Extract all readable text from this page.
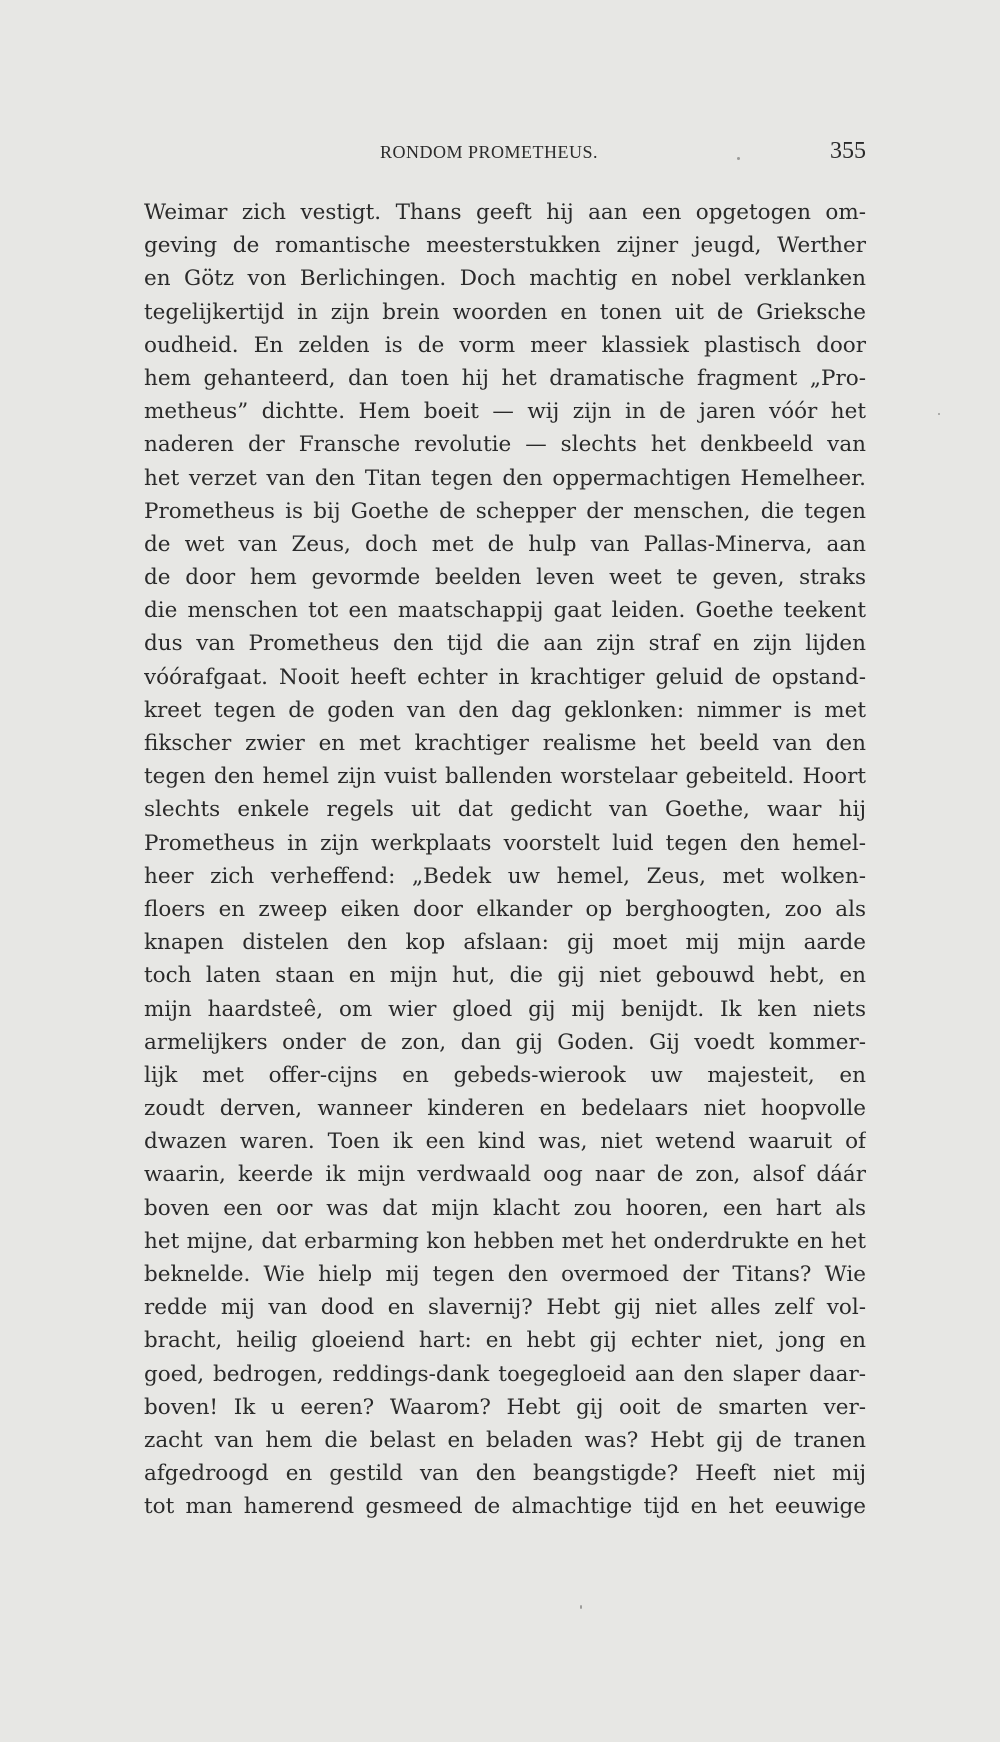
RONDOM PROMETHEUS.	355
Weimar zich vestigt. Thans geeft hij aan een opgetogen om-
geving de romantische meesterstukken zijner jeugd, Werther
en Götz von Berlichingen. Doch machtig en nobel verklanken
tegelijkertijd in zijn brein woorden en tonen uit de Grieksche
oudheid. En zelden is de vorm meer klassiek plastisch door
hem gehanteerd, dan toen hij het dramatische fragment „Pro-
metheus” dichtte. Hem boeit — wij zijn in de jaren vóór het
naderen der Fransche revolutie — slechts het denkbeeld van
het verzet van den Titan tegen den oppermachtigen Hemelheer.
Prometheus is bij Goethe de schepper der menschen, die tegen
de wet van Zeus, doch met de hulp van Pallas-Minerva, aan
de door hem gevormde beelden leven weet te geven, straks
die menschen tot een maatschappij gaat leiden. Goethe teekent
dus van Prometheus den tijd die aan zijn straf en zijn lijden
vóórafgaat. Nooit heeft echter in krachtiger geluid de opstand-
kreet tegen de goden van den dag geklonken: nimmer is met
fikscher zwier en met krachtiger realisme het beeld van den
tegen den hemel zijn vuist ballenden worstelaar gebeiteld. Hoort
slechts enkele regels uit dat gedicht van Goethe, waar hij
Prometheus in zijn werkplaats voorstelt luid tegen den hemel-
heer zich verheffend: „Bedek uw hemel, Zeus, met wolken-
floers en zweep eiken door elkander op berghoogten, zoo als
knapen distelen den kop afslaan: gij moet mij mijn aarde
toch laten staan en mijn hut, die gij niet gebouwd hebt, en
mijn haardsteê, om wier gloed gij mij benijdt. Ik ken niets
armelijkers onder de zon, dan gij Goden. Gij voedt kommer-
lijk met offer-cijns en gebeds-wierook uw majesteit, en
zoudt derven, wanneer kinderen en bedelaars niet hoopvolle
dwazen waren. Toen ik een kind was, niet wetend waaruit of
waarin, keerde ik mijn verdwaald oog naar de zon, alsof dáár
boven een oor was dat mijn klacht zou hooren, een hart als
het mijne, dat erbarming kon hebben met het onderdrukte en het
beknelde. Wie hielp mij tegen den overmoed der Titans? Wie
redde mij van dood en slavernij? Hebt gij niet alles zelf vol-
bracht, heilig gloeiend hart: en hebt gij echter niet, jong en
goed, bedrogen, reddings-dank toegegloeid aan den slaper daar-
boven! Ik u eeren? Waarom? Hebt gij ooit de smarten ver-
zacht van hem die belast en beladen was? Hebt gij de tranen
afgedroogd en gestild van den beangstigde? Heeft niet mij
tot man hamerend gesmeed de almachtige tijd en het eeuwige
